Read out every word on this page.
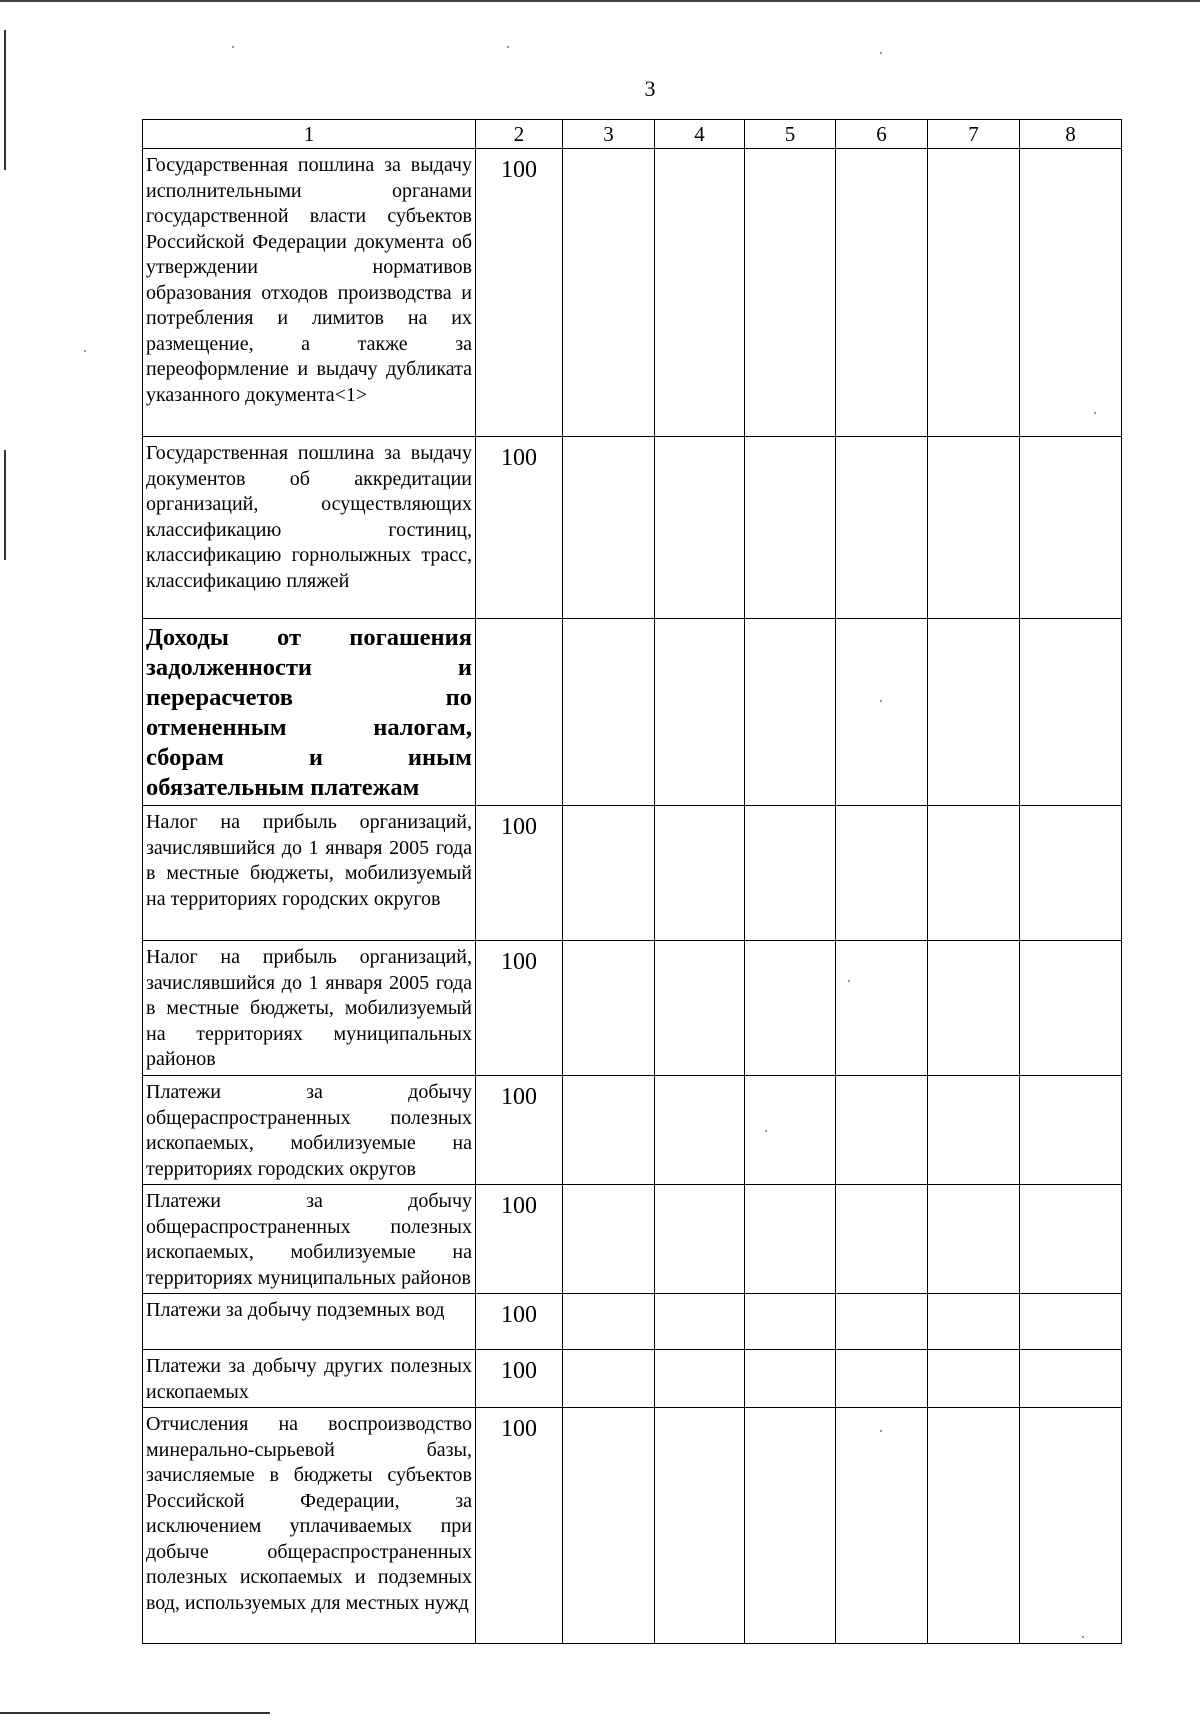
3
1	2	3	4	5	6	7	8
Государственная пошлина за выдачу исполнительными органами государственной власти субъектов Российской Федерации документа об утверждении нормативов образования отходов производства и потребления и лимитов на их размещение, а также за переоформление и выдачу дубликата указанного документа<1>	100						
Государственная пошлина за выдачу документов об аккредитации организаций, осуществляющих классификацию гостиниц, классификацию горнолыжных трасс, классификацию пляжей	100						
Доходы от погашения задолженности и перерасчетов по отмененным налогам, сборам и иным обязательным платежам							
Налог на прибыль организаций, зачислявшийся до 1 января 2005 года в местные бюджеты, мобилизуемый на территориях городских округов	100						
Налог на прибыль организаций, зачислявшийся до 1 января 2005 года в местные бюджеты, мобилизуемый на территориях муниципальных районов	100						
Платежи за добычу общераспространенных полезных ископаемых, мобилизуемые на территориях городских округов	100						
Платежи за добычу общераспространенных полезных ископаемых, мобилизуемые на территориях муниципальных районов	100						
Платежи за добычу подземных вод	100						
Платежи за добычу других полезных ископаемых	100						
Отчисления на воспроизводство минерально-сырьевой базы, зачисляемые в бюджеты субъектов Российской Федерации, за исключением уплачиваемых при добыче общераспространенных полезных ископаемых и подземных вод, используемых для местных нужд	100						
